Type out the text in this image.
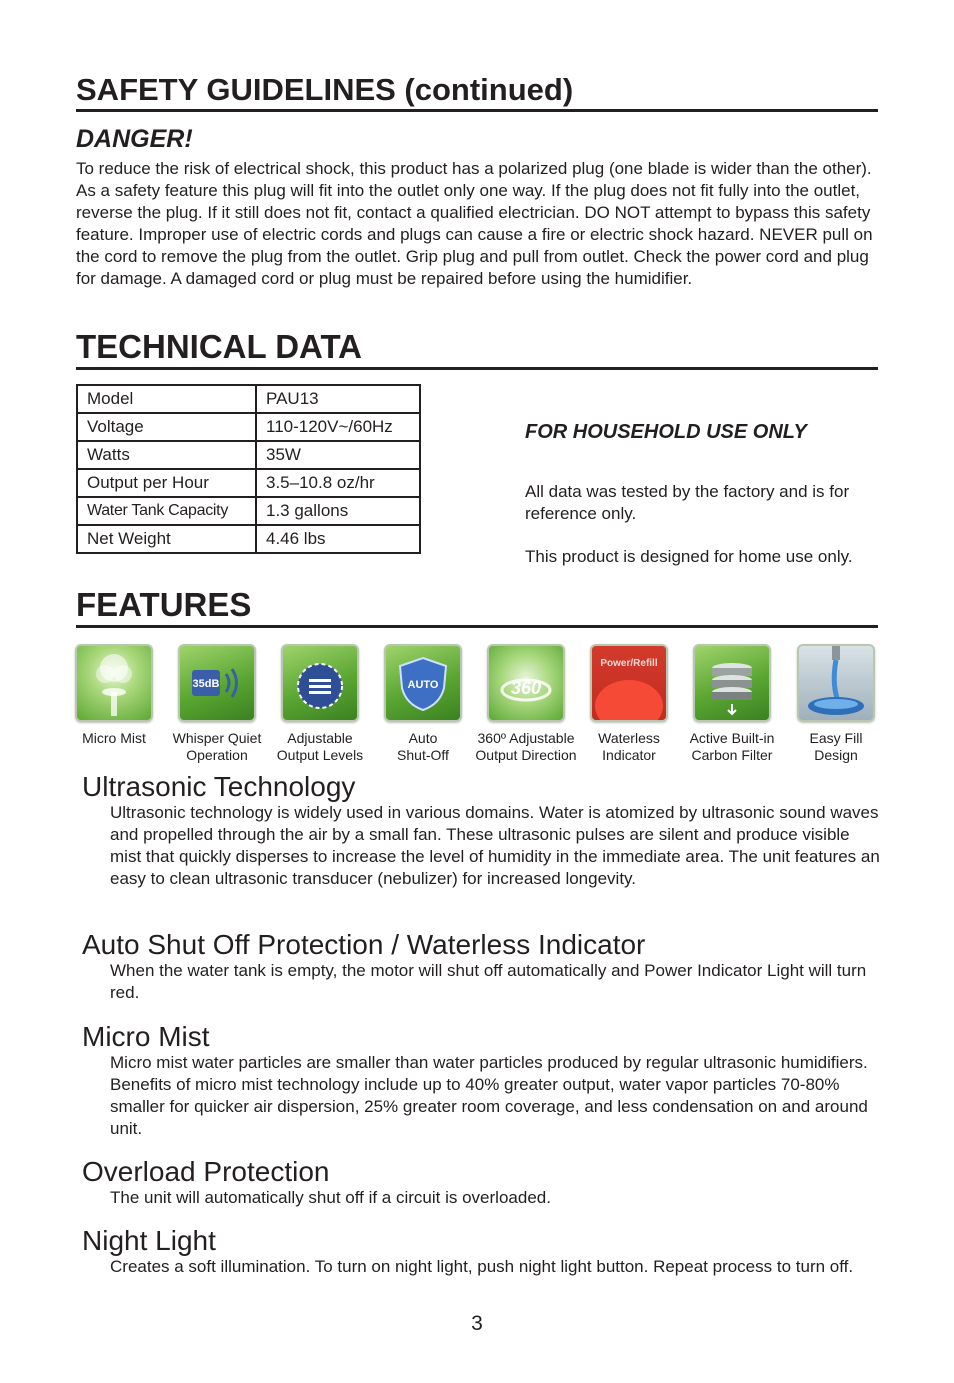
SAFETY GUIDELINES (continued)
DANGER!
To reduce the risk of electrical shock, this product has a polarized plug (one blade is wider than the other). As a safety feature this plug will fit into the outlet only one way. If the plug does not fit fully into the outlet, reverse the plug. If it still does not fit, contact a qualified electrician. DO NOT attempt to bypass this safety feature. Improper use of electric cords and plugs can cause a fire or electric shock hazard. NEVER pull on the cord to remove the plug from the outlet. Grip plug and pull from outlet. Check the power cord and plug for damage. A damaged cord or plug must be repaired before using the humidifier.
TECHNICAL DATA
Model	PAU13
Voltage	110-120V~/60Hz
Watts	35W
Output per Hour	3.5–10.8 oz/hr
Water Tank Capacity	1.3 gallons
Net Weight	4.46 lbs
FOR HOUSEHOLD USE ONLY
All data was tested by the factory and is for reference only.
This product is designed for home use only.
FEATURES
Micro Mist
35dB
Whisper Quiet
Operation
Adjustable
Output Levels
AUTO
Auto
Shut-Off
360
360º Adjustable
Output Direction
Power/Refill
Waterless
Indicator
Active Built-in
Carbon Filter
Easy Fill
Design
Ultrasonic Technology
Ultrasonic technology is widely used in various domains. Water is atomized by ultrasonic sound waves and propelled through the air by a small fan. These ultrasonic pulses are silent and produce visible mist that quickly disperses to increase the level of humidity in the immediate area. The unit features an easy to clean ultrasonic transducer (nebulizer) for increased longevity.
Auto Shut Off Protection / Waterless Indicator
When the water tank is empty, the motor will shut off automatically and Power Indicator Light will turn red.
Micro Mist
Micro mist water particles are smaller than water particles produced by regular ultrasonic humidifiers. Benefits of micro mist technology include up to 40% greater output, water vapor particles 70-80% smaller for quicker air dispersion, 25% greater room coverage, and less condensation on and around unit.
Overload Protection
The unit will automatically shut off if a circuit is overloaded.
Night Light
Creates a soft illumination. To turn on night light, push night light button. Repeat process to turn off.
3
